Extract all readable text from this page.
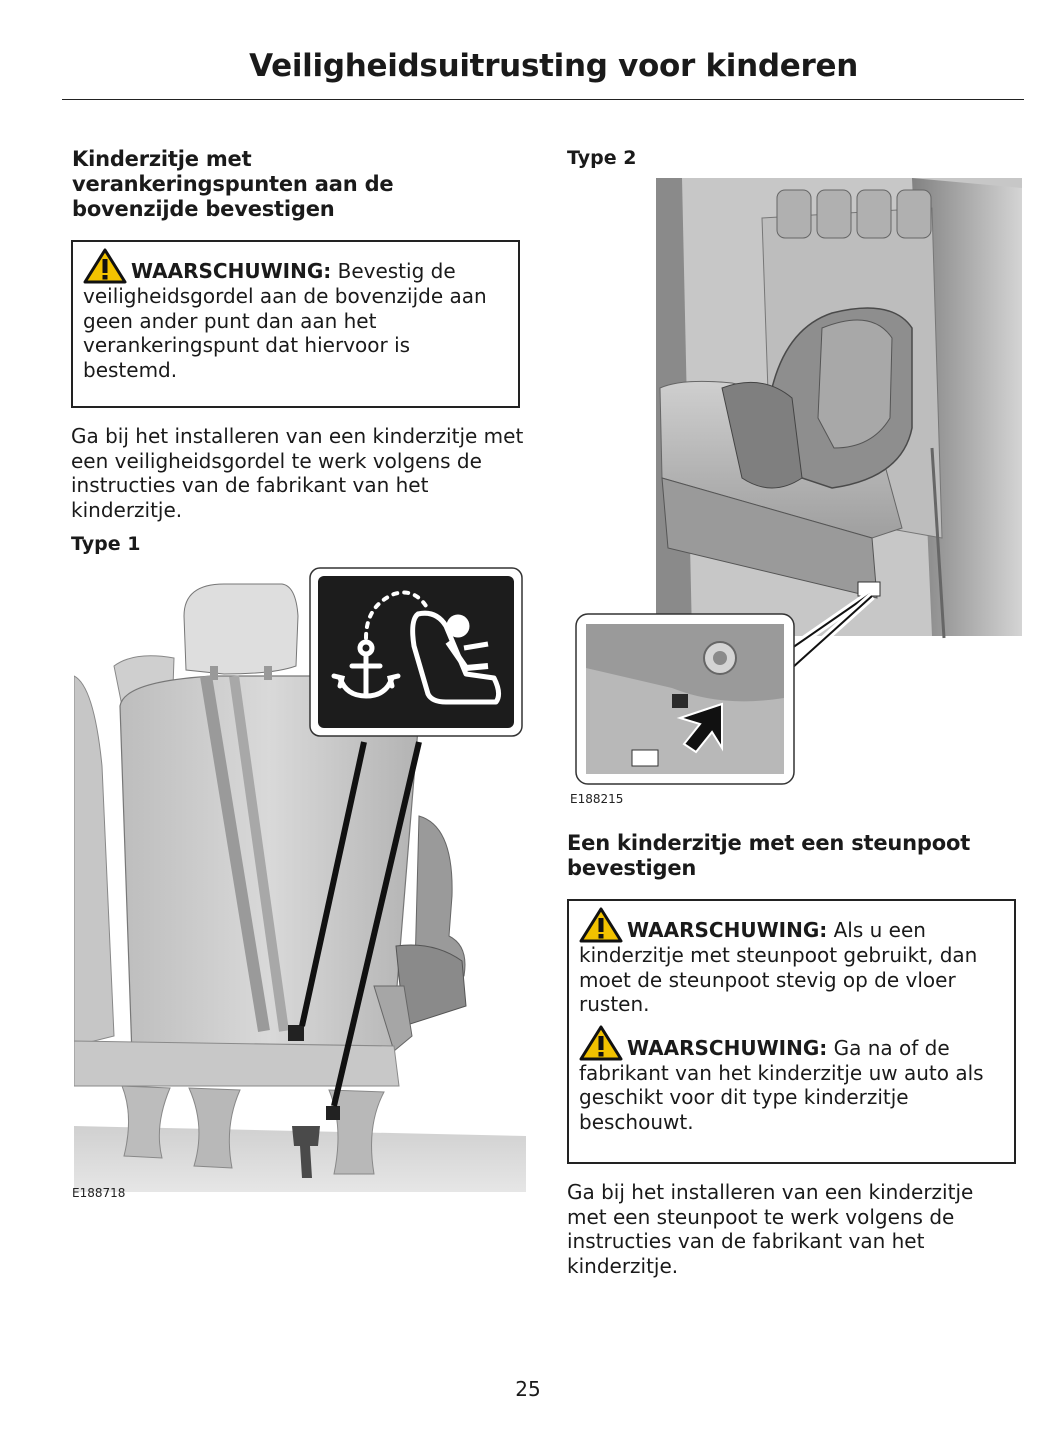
Veiligheidsuitrusting voor kinderen
Kinderzitje met verankeringspunten aan de bovenzijde bevestigen

WAARSCHUWING: Bevestig de veiligheidsgordel aan de bovenzijde aan geen ander punt dan aan het verankeringspunt dat hiervoor is bestemd.

Ga bij het installeren van een kinderzitje met een veiligheidsgordel te werk volgens de instructies van de fabrikant van het kinderzitje.

Type 1
E188718
Type 2
E188215
Een kinderzitje met een steunpoot bevestigen

WAARSCHUWING: Als u een kinderzitje met steunpoot gebruikt, dan moet de steunpoot stevig op de vloer rusten.

WAARSCHUWING: Ga na of de fabrikant van het kinderzitje uw auto als geschikt voor dit type kinderzitje beschouwt.

Ga bij het installeren van een kinderzitje met een steunpoot te werk volgens de instructies van de fabrikant van het kinderzitje.

25
